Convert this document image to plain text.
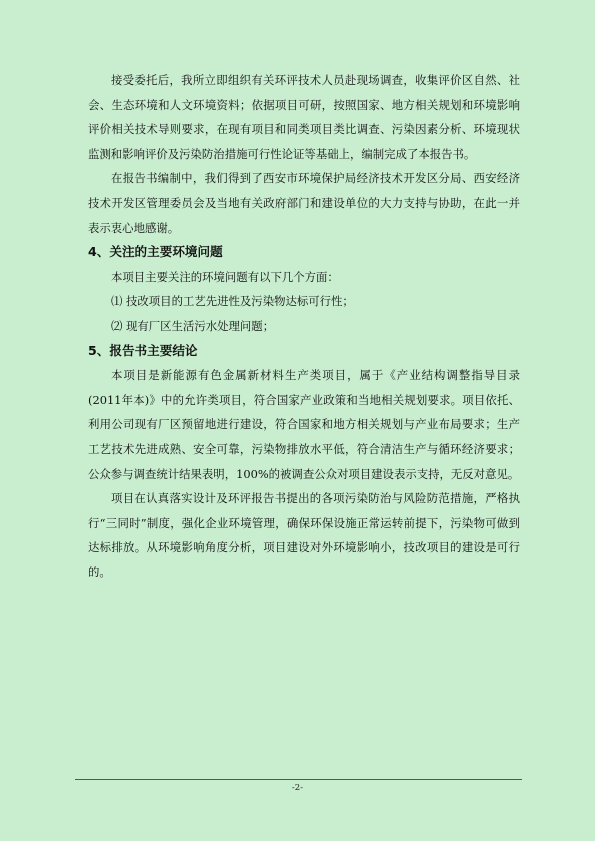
接受委托后，我所立即组织有关环评技术人员赴现场调查，收集评价区自然、社会、生态环境和人文环境资料；依据项目可研，按照国家、地方相关规划和环境影响评价相关技术导则要求，在现有项目和同类项目类比调查、污染因素分析、环境现状监测和影响评价及污染防治措施可行性论证等基础上，编制完成了本报告书。

在报告书编制中，我们得到了西安市环境保护局经济技术开发区分局、西安经济技术开发区管理委员会及当地有关政府部门和建设单位的大力支持与协助，在此一并表示衷心地感谢。

4、关注的主要环境问题

本项目主要关注的环境问题有以下几个方面：

⑴ 技改项目的工艺先进性及污染物达标可行性；

⑵ 现有厂区生活污水处理问题；

5、报告书主要结论

本项目是新能源有色金属新材料生产类项目，属于《产业结构调整指导目录(2011年本)》中的允许类项目，符合国家产业政策和当地相关规划要求。项目依托、利用公司现有厂区预留地进行建设，符合国家和地方相关规划与产业布局要求；生产工艺技术先进成熟、安全可靠，污染物排放水平低，符合清洁生产与循环经济要求；公众参与调查统计结果表明，100%的被调查公众对项目建设表示支持，无反对意见。

项目在认真落实设计及环评报告书提出的各项污染防治与风险防范措施，严格执行“三同时”制度，强化企业环境管理，确保环保设施正常运转前提下，污染物可做到达标排放。从环境影响角度分析，项目建设对外环境影响小，技改项目的建设是可行的。

-2-
